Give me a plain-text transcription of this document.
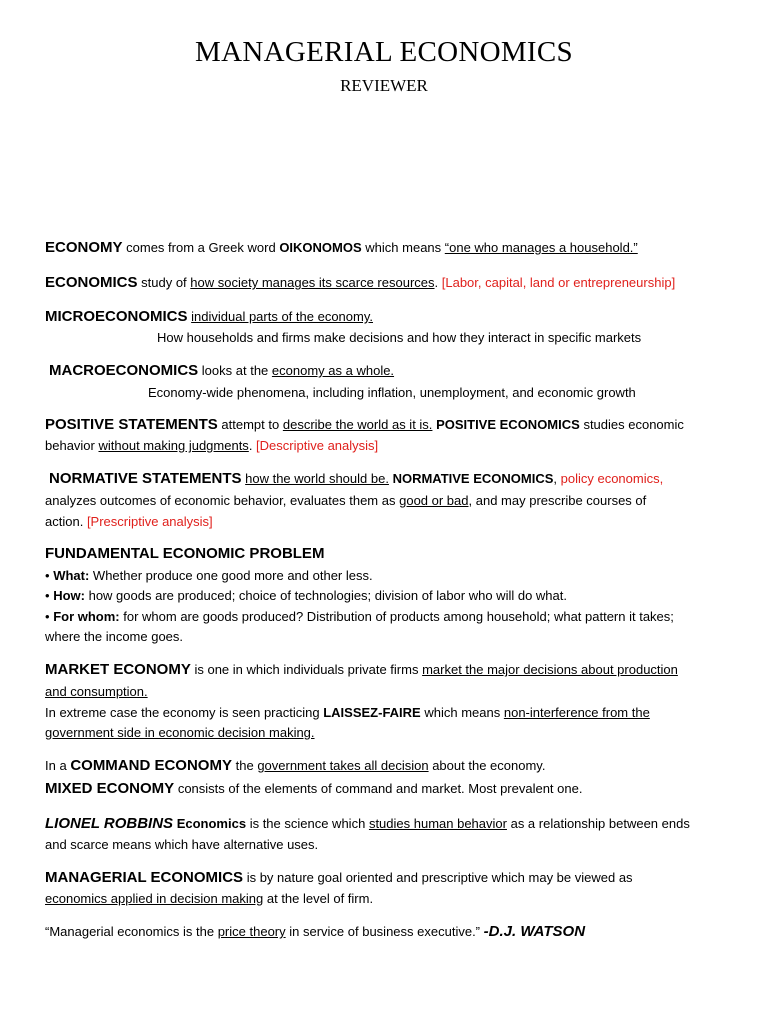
MANAGERIAL ECONOMICS
REVIEWER
ECONOMY comes from a Greek word OIKONOMOS which means “one who manages a household.”
ECONOMICS study of how society manages its scarce resources. [Labor, capital, land or entrepreneurship]
MICROECONOMICS individual parts of the economy.
How households and firms make decisions and how they interact in specific markets
MACROECONOMICS looks at the economy as a whole.
Economy-wide phenomena, including inflation, unemployment, and economic growth
POSITIVE STATEMENTS attempt to describe the world as it is. POSITIVE ECONOMICS studies economic
behavior without making judgments. [Descriptive analysis]
NORMATIVE STATEMENTS how the world should be. NORMATIVE ECONOMICS, policy economics,
analyzes outcomes of economic behavior, evaluates them as good or bad, and may prescribe courses of
action. [Prescriptive analysis]
FUNDAMENTAL ECONOMIC PROBLEM
• What: Whether produce one good more and other less.
• How: how goods are produced; choice of technologies; division of labor who will do what.
• For whom: for whom are goods produced? Distribution of products among household; what pattern it takes;
where the income goes.
MARKET ECONOMY is one in which individuals private firms market the major decisions about production
and consumption.
In extreme case the economy is seen practicing LAISSEZ-FAIRE which means non-interference from the
government side in economic decision making.
In a COMMAND ECONOMY the government takes all decision about the economy.
MIXED ECONOMY consists of the elements of command and market. Most prevalent one.
LIONEL ROBBINS Economics is the science which studies human behavior as a relationship between ends
and scarce means which have alternative uses.
MANAGERIAL ECONOMICS is by nature goal oriented and prescriptive which may be viewed as
economics applied in decision making at the level of firm.
“Managerial economics is the price theory in service of business executive.” -D.J. WATSON
